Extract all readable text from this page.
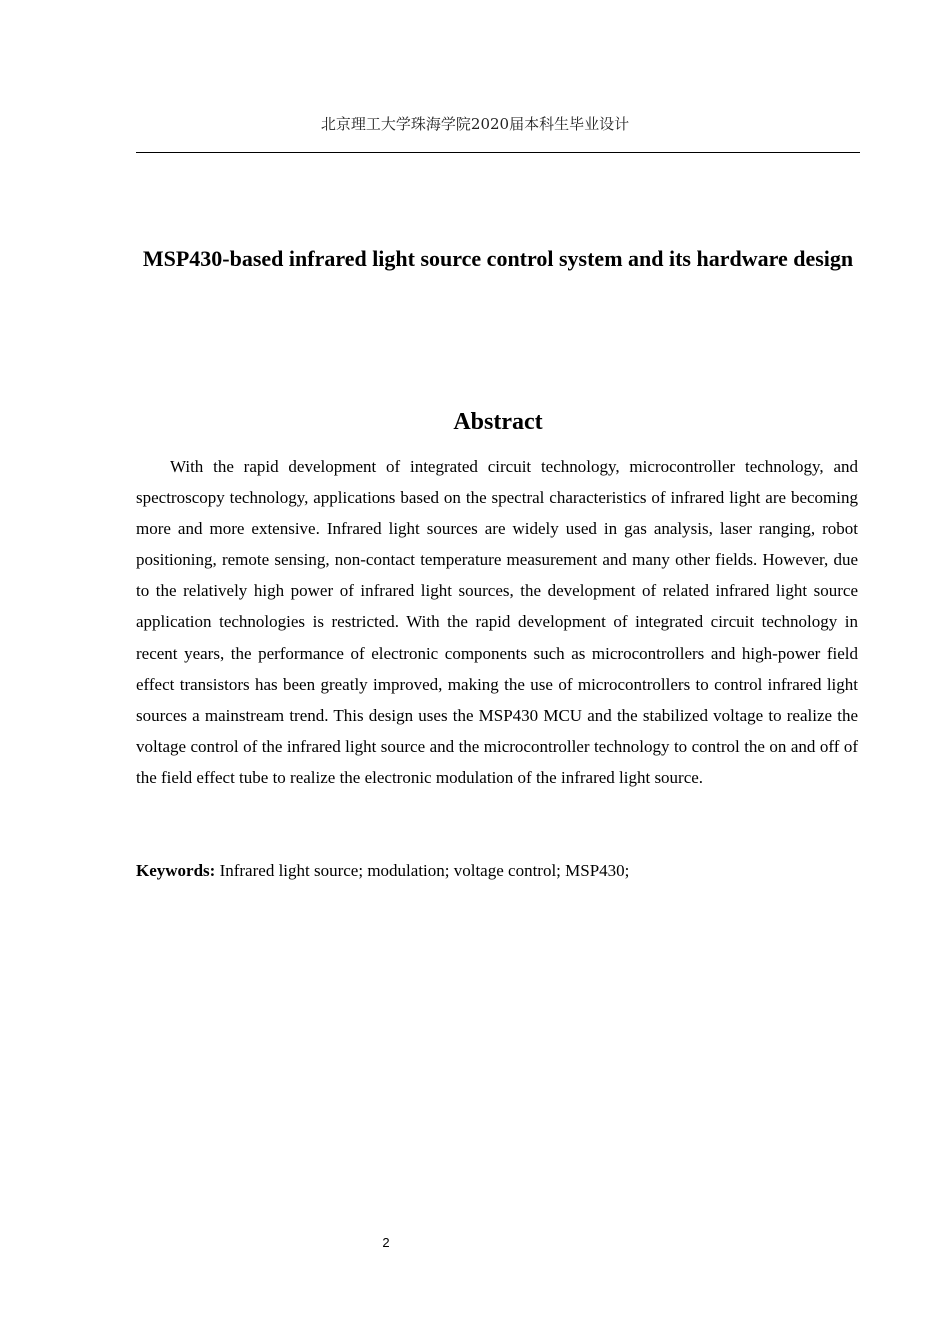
北京理工大学珠海学院2020届本科生毕业设计
MSP430-based infrared light source control system and its hardware design
Abstract

With the rapid development of integrated circuit technology, microcontroller technology, and spectroscopy technology, applications based on the spectral characteristics of infrared light are becoming more and more extensive. Infrared light sources are widely used in gas analysis, laser ranging, robot positioning, remote sensing, non-contact temperature measurement and many other fields. However, due to the relatively high power of infrared light sources, the development of related infrared light source application technologies is restricted. With the rapid development of integrated circuit technology in recent years, the performance of electronic components such as microcontrollers and high-power field effect transistors has been greatly improved, making the use of microcontrollers to control infrared light sources a mainstream trend. This design uses the MSP430 MCU and the stabilized voltage to realize the voltage control of the infrared light source and the microcontroller technology to control the on and off of the field effect tube to realize the electronic modulation of the infrared light source.

Keywords: Infrared light source; modulation; voltage control; MSP430;

2
